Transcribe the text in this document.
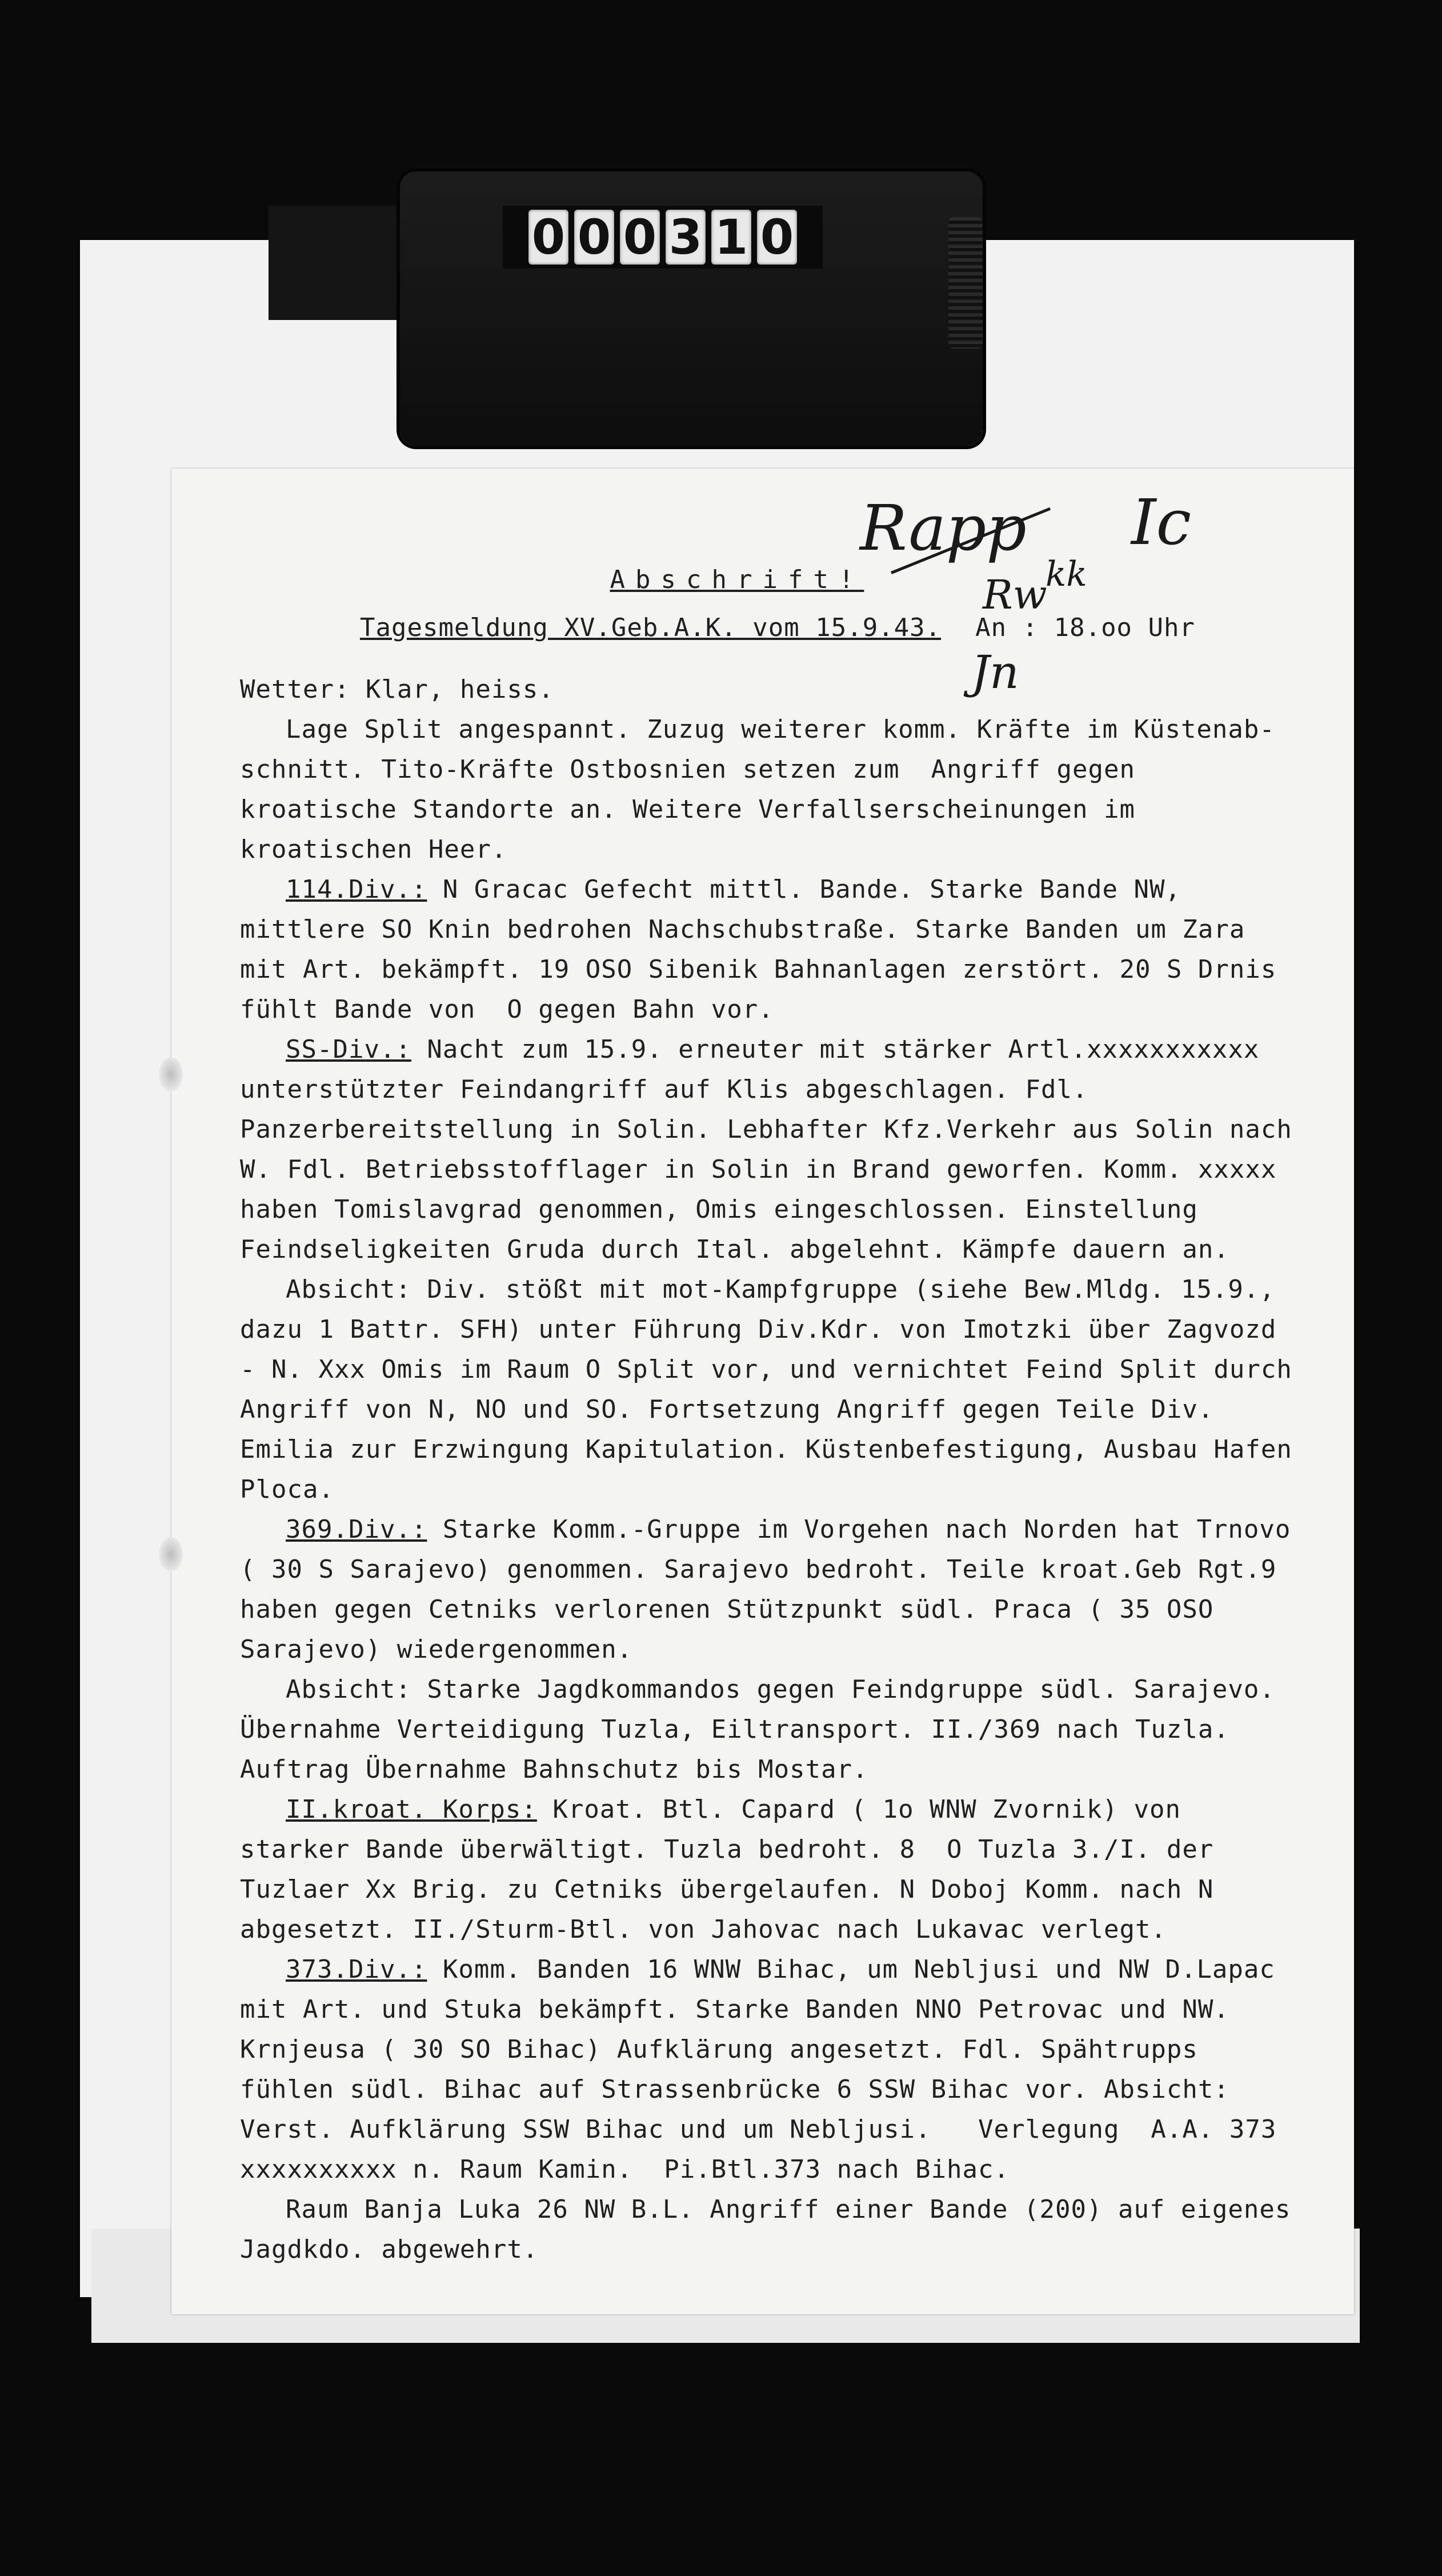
0 0 0 3 1 0
Rapp
Rw
kk
Jn
Ic
Abschrift!
Tagesmeldung XV.Geb.A.K. vom 15.9.43. An : 18.oo Uhr

Wetter: Klar, heiss.

Lage Split angespannt. Zuzug weiterer komm. Kräfte im Küstenab-schnitt. Tito-Kräfte Ostbosnien setzen zum  Angriff gegen kroatische Standorte an. Weitere Verfallserscheinungen im kroatischen Heer.

114.Div.: N Gracac Gefecht mittl. Bande. Starke Bande NW, mittlere SO Knin bedrohen Nachschubstraße. Starke Banden um Zara mit Art. bekämpft. 19 OSO Sibenik Bahnanlagen zerstört. 20 S Drnis fühlt Bande von  O gegen Bahn vor.

SS-Div.: Nacht zum 15.9. erneuter mit stärker Artl.xxxxxxxxxxx unterstützter Feindangriff auf Klis abgeschlagen. Fdl. Panzerbereitstellung in Solin. Lebhafter Kfz.Verkehr aus Solin nach W. Fdl. Betriebsstofflager in Solin in Brand geworfen. Komm. xxxxx haben Tomislavgrad genommen, Omis eingeschlossen. Einstellung Feindseligkeiten Gruda durch Ital. abgelehnt. Kämpfe dauern an.

Absicht: Div. stößt mit mot-Kampfgruppe (siehe Bew.Mldg. 15.9., dazu 1 Battr. SFH) unter Führung Div.Kdr. von Imotzki über Zagvozd - N. Xxx Omis im Raum O Split vor, und vernichtet Feind Split durch Angriff von N, NO und SO. Fortsetzung Angriff gegen Teile Div. Emilia zur Erzwingung Kapitulation. Küstenbefestigung, Ausbau Hafen Ploca.

369.Div.: Starke Komm.-Gruppe im Vorgehen nach Norden hat Trnovo ( 30 S Sarajevo) genommen. Sarajevo bedroht. Teile kroat.Geb Rgt.9 haben gegen Cetniks verlorenen Stützpunkt südl. Praca ( 35 OSO Sarajevo) wiedergenommen.

Absicht: Starke Jagdkommandos gegen Feindgruppe südl. Sarajevo. Übernahme Verteidigung Tuzla, Eiltransport. II./369 nach Tuzla. Auftrag Übernahme Bahnschutz bis Mostar.

II.kroat. Korps: Kroat. Btl. Capard ( 1o WNW Zvornik) von starker Bande überwältigt. Tuzla bedroht. 8  O Tuzla 3./I. der Tuzlaer Xx Brig. zu Cetniks übergelaufen. N Doboj Komm. nach N abgesetzt. II./Sturm-Btl. von Jahovac nach Lukavac verlegt.

373.Div.: Komm. Banden 16 WNW Bihac, um Nebljusi und NW D.Lapac mit Art. und Stuka bekämpft. Starke Banden NNO Petrovac und NW. Krnjeusa ( 30 SO Bihac) Aufklärung angesetzt. Fdl. Spähtrupps fühlen südl. Bihac auf Strassenbrücke 6 SSW Bihac vor. Absicht: Verst. Aufklärung SSW Bihac und um Nebljusi.   Verlegung  A.A. 373 xxxxxxxxxx n. Raum Kamin.  Pi.Btl.373 nach Bihac.

Raum Banja Luka 26 NW B.L. Angriff einer Bande (200) auf eigenes Jagdkdo. abgewehrt.
